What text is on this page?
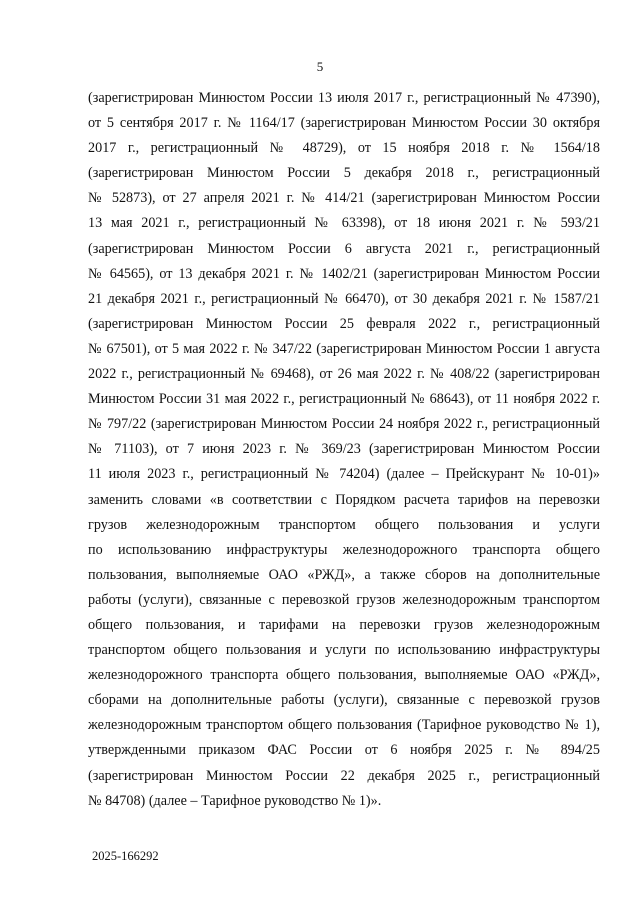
5
(зарегистрирован Минюстом России 13 июля 2017 г., регистрационный № 47390),
от 5 сентября 2017 г. № 1164/17 (зарегистрирован Минюстом России 30 октября
2017 г., регистрационный № 48729), от 15 ноября 2018 г. № 1564/18
(зарегистрирован Минюстом России 5 декабря 2018 г., регистрационный
№ 52873), от 27 апреля 2021 г. № 414/21 (зарегистрирован Минюстом России
13 мая 2021 г., регистрационный № 63398), от 18 июня 2021 г. № 593/21
(зарегистрирован Минюстом России 6 августа 2021 г., регистрационный
№ 64565), от 13 декабря 2021 г. № 1402/21 (зарегистрирован Минюстом России
21 декабря 2021 г., регистрационный № 66470), от 30 декабря 2021 г. № 1587/21
(зарегистрирован Минюстом России 25 февраля 2022 г., регистрационный
№ 67501), от 5 мая 2022 г. № 347/22 (зарегистрирован Минюстом России 1 августа
2022 г., регистрационный № 69468), от 26 мая 2022 г. № 408/22 (зарегистрирован
Минюстом России 31 мая 2022 г., регистрационный № 68643), от 11 ноября 2022 г.
№ 797/22 (зарегистрирован Минюстом России 24 ноября 2022 г., регистрационный
№ 71103), от 7 июня 2023 г. № 369/23 (зарегистрирован Минюстом России
11 июля 2023 г., регистрационный № 74204) (далее – Прейскурант № 10-01)»
заменить словами «в соответствии с Порядком расчета тарифов на перевозки
грузов железнодорожным транспортом общего пользования и услуги
по использованию инфраструктуры железнодорожного транспорта общего
пользования, выполняемые ОАО «РЖД», а также сборов на дополнительные
работы (услуги), связанные с перевозкой грузов железнодорожным транспортом
общего пользования, и тарифами на перевозки грузов железнодорожным
транспортом общего пользования и услуги по использованию инфраструктуры
железнодорожного транспорта общего пользования, выполняемые ОАО «РЖД»,
сборами на дополнительные работы (услуги), связанные с перевозкой грузов
железнодорожным транспортом общего пользования (Тарифное руководство № 1),
утвержденными приказом ФАС России от 6 ноября 2025 г. № 894/25
(зарегистрирован Минюстом России 22 декабря 2025 г., регистрационный
№ 84708) (далее – Тарифное руководство № 1)».
2025-166292
